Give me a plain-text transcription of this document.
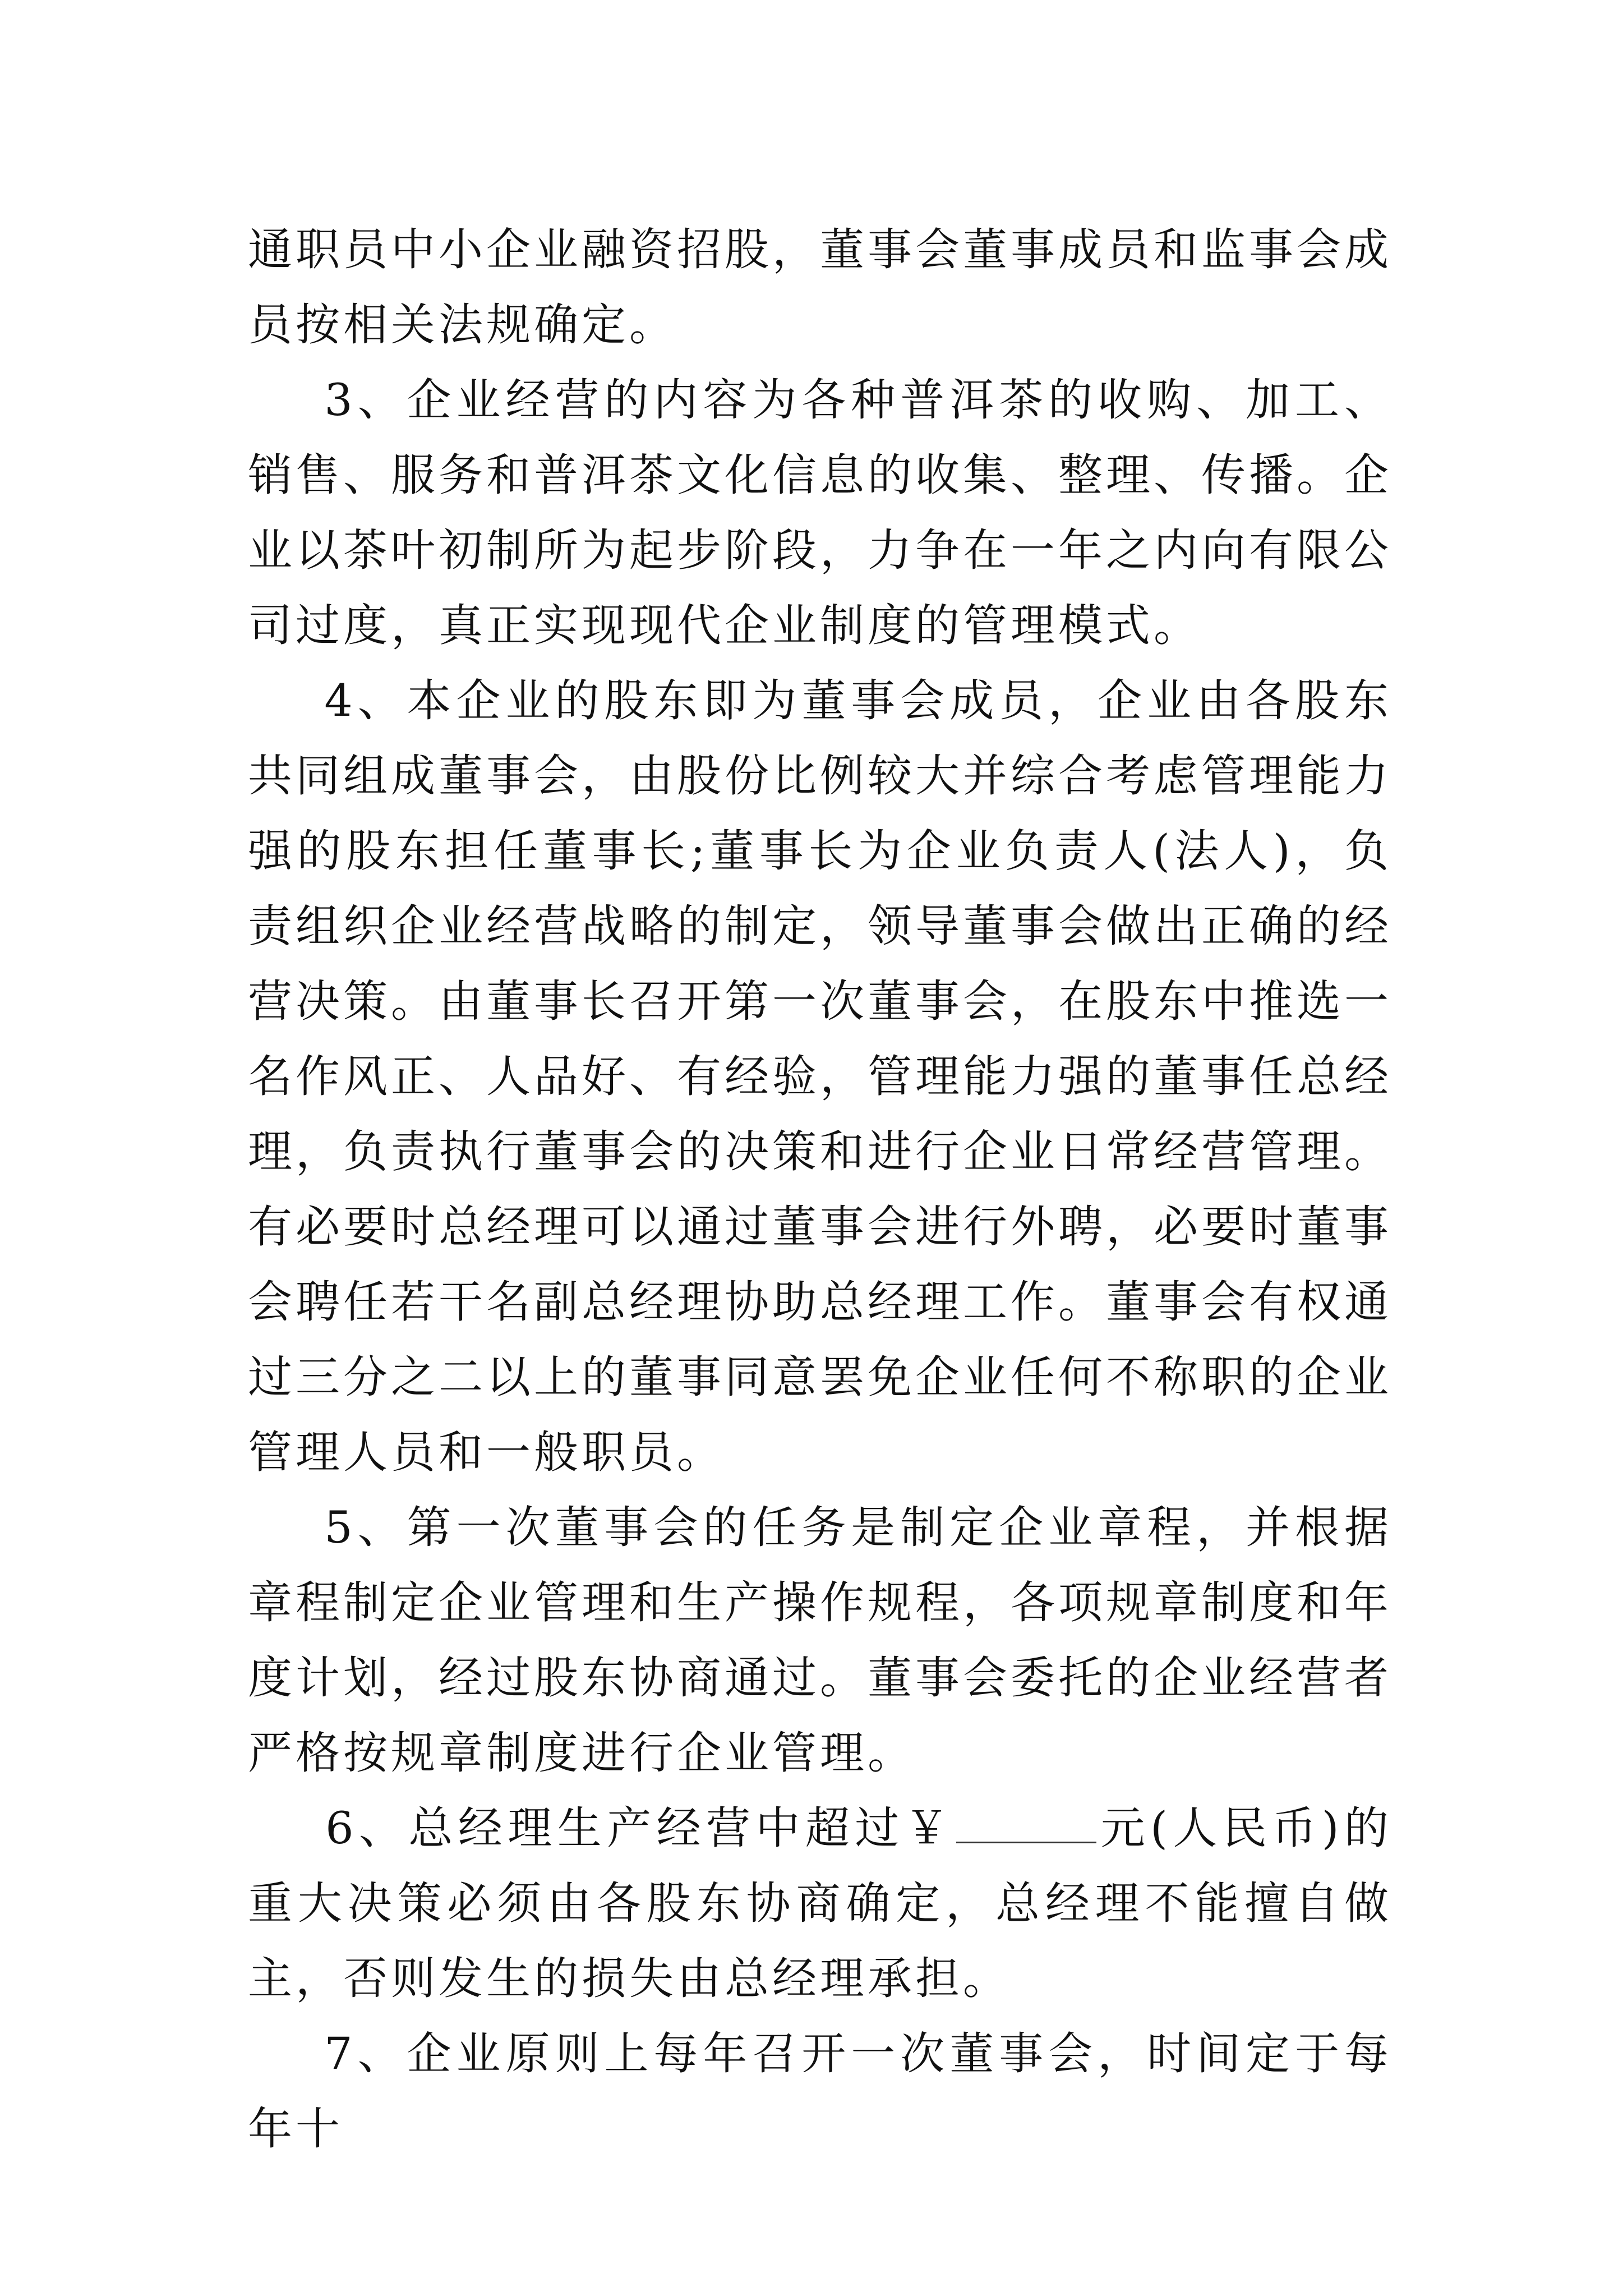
通职员中小企业融资招股，董事会董事成员和监事会成员按相关法规确定。

3、企业经营的内容为各种普洱茶的收购、加工、销售、服务和普洱茶文化信息的收集、整理、传播。企业以茶叶初制所为起步阶段，力争在一年之内向有限公司过度，真正实现现代企业制度的管理模式。

4、本企业的股东即为董事会成员，企业由各股东共同组成董事会，由股份比例较大并综合考虑管理能力强的股东担任董事长;董事长为企业负责人(法人)，负责组织企业经营战略的制定，领导董事会做出正确的经营决策。由董事长召开第一次董事会，在股东中推选一名作风正、人品好、有经验，管理能力强的董事任总经理，负责执行董事会的决策和进行企业日常经营管理。有必要时总经理可以通过董事会进行外聘，必要时董事会聘任若干名副总经理协助总经理工作。董事会有权通过三分之二以上的董事同意罢免企业任何不称职的企业管理人员和一般职员。

5、第一次董事会的任务是制定企业章程，并根据章程制定企业管理和生产操作规程，各项规章制度和年度计划，经过股东协商通过。董事会委托的企业经营者严格按规章制度进行企业管理。

6、总经理生产经营中超过￥	元(人民币)的重大决策必须由各股东协商确定，总经理不能擅自做主，否则发生的损失由总经理承担。

7、企业原则上每年召开一次董事会，时间定于每年十
